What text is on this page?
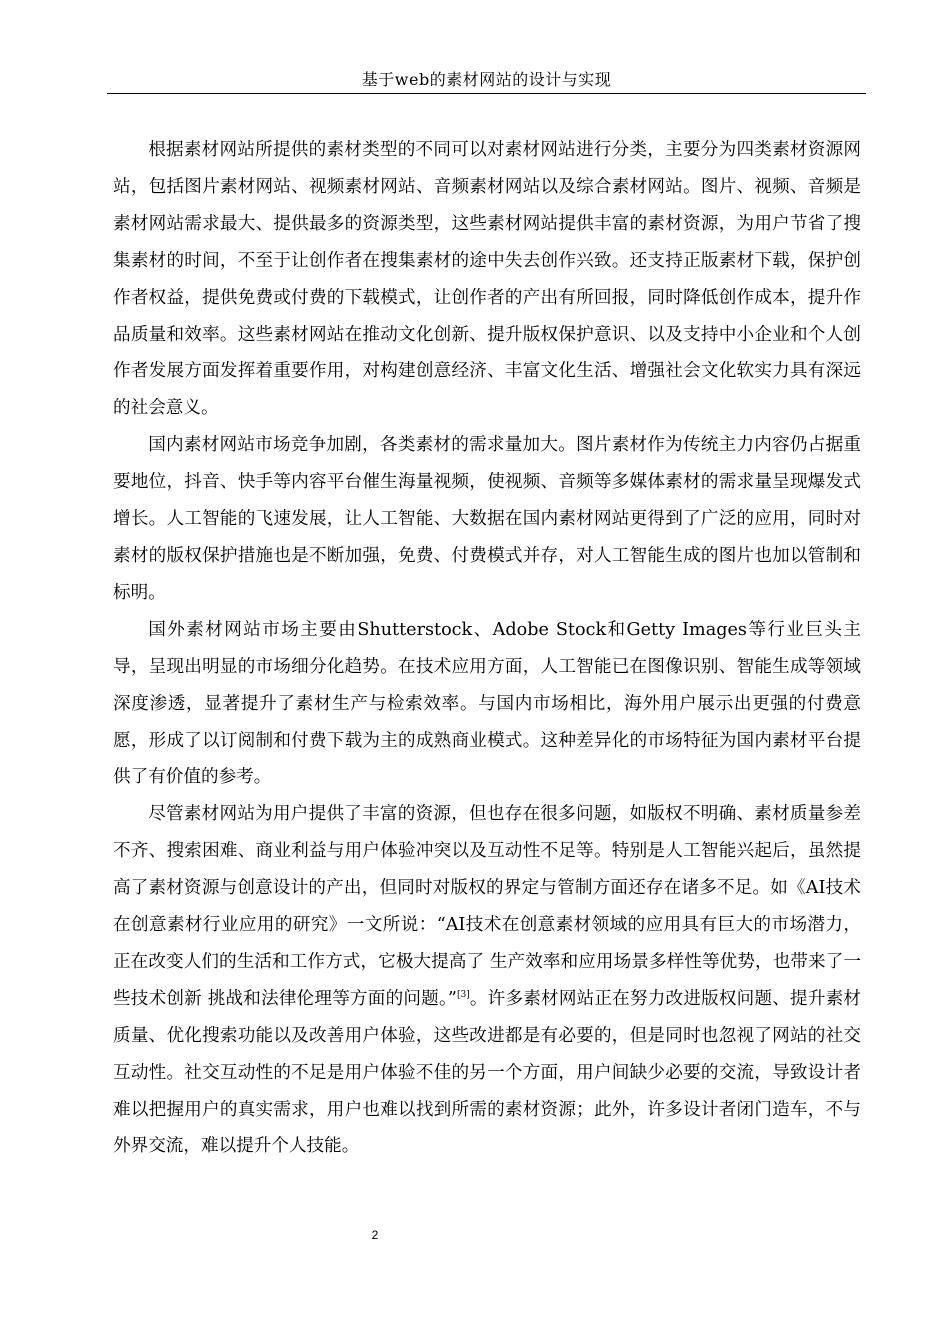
基于web的素材网站的设计与实现

根据素材网站所提供的素材类型的不同可以对素材网站进行分类，主要分为四类素材资源网站，包括图片素材网站、视频素材网站、音频素材网站以及综合素材网站。图片、视频、音频是素材网站需求最大、提供最多的资源类型，这些素材网站提供丰富的素材资源，为用户节省了搜集素材的时间，不至于让创作者在搜集素材的途中失去创作兴致。还支持正版素材下载，保护创作者权益，提供免费或付费的下载模式，让创作者的产出有所回报，同时降低创作成本，提升作品质量和效率。这些素材网站在推动文化创新、提升版权保护意识、以及支持中小企业和个人创作者发展方面发挥着重要作用，对构建创意经济、丰富文化生活、增强社会文化软实力具有深远的社会意义。

国内素材网站市场竞争加剧，各类素材的需求量加大。图片素材作为传统主力内容仍占据重要地位，抖音、快手等内容平台催生海量视频，使视频、音频等多媒体素材的需求量呈现爆发式增长。人工智能的飞速发展，让人工智能、大数据在国内素材网站更得到了广泛的应用，同时对素材的版权保护措施也是不断加强，免费、付费模式并存，对人工智能生成的图片也加以管制和标明。

国外素材网站市场主要由Shutterstock、Adobe Stock和Getty Images等行业巨头主导，呈现出明显的市场细分化趋势。在技术应用方面，人工智能已在图像识别、智能生成等领域深度渗透，显著提升了素材生产与检索效率。与国内市场相比，海外用户展示出更强的付费意愿，形成了以订阅制和付费下载为主的成熟商业模式。这种差异化的市场特征为国内素材平台提供了有价值的参考。

尽管素材网站为用户提供了丰富的资源，但也存在很多问题，如版权不明确、素材质量参差不齐、搜索困难、商业利益与用户体验冲突以及互动性不足等。特别是人工智能兴起后，虽然提高了素材资源与创意设计的产出，但同时对版权的界定与管制方面还存在诸多不足。如《AI技术在创意素材行业应用的研究》一文所说：“AI技术在创意素材领域的应用具有巨大的市场潜力，正在改变人们的生活和工作方式，它极大提高了 生产效率和应用场景多样性等优势，也带来了一些技术创新 挑战和法律伦理等方面的问题。”[3]。许多素材网站正在努力改进版权问题、提升素材质量、优化搜索功能以及改善用户体验，这些改进都是有必要的，但是同时也忽视了网站的社交互动性。社交互动性的不足是用户体验不佳的另一个方面，用户间缺少必要的交流，导致设计者难以把握用户的真实需求，用户也难以找到所需的素材资源；此外，许多设计者闭门造车，不与外界交流，难以提升个人技能。

2
